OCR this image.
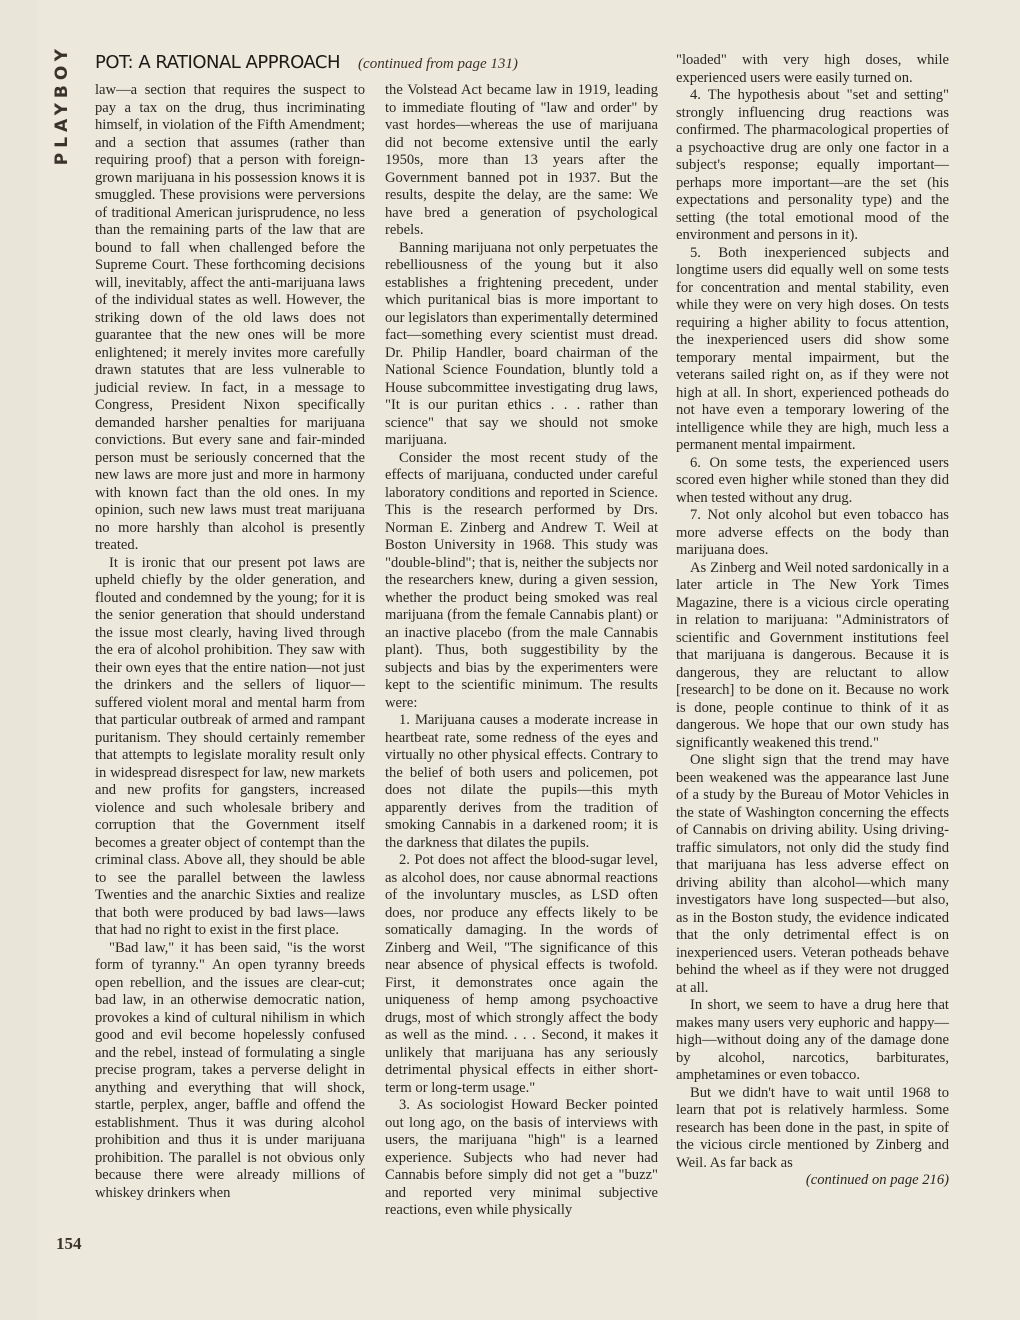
PLAYBOY POT: A RATIONAL APPROACH (continued from page 131)

law—a section that requires the suspect to pay a tax on the drug, thus incriminating himself, in violation of the Fifth Amendment; and a section that assumes (rather than requiring proof) that a person with foreign-grown marijuana in his possession knows it is smuggled. These provisions were perversions of traditional American jurisprudence, no less than the remaining parts of the law that are bound to fall when challenged before the Supreme Court. These forthcoming decisions will, inevitably, affect the anti-marijuana laws of the individual states as well. However, the striking down of the old laws does not guarantee that the new ones will be more enlightened; it merely invites more carefully drawn statutes that are less vulnerable to judicial review. In fact, in a message to Congress, President Nixon specifically demanded harsher penalties for marijuana convictions. But every sane and fair-minded person must be seriously concerned that the new laws are more just and more in harmony with known fact than the old ones. In my opinion, such new laws must treat marijuana no more harshly than alcohol is presently treated.

It is ironic that our present pot laws are upheld chiefly by the older generation, and flouted and condemned by the young; for it is the senior generation that should understand the issue most clearly, having lived through the era of alcohol prohibition. They saw with their own eyes that the entire nation—not just the drinkers and the sellers of liquor—suffered violent moral and mental harm from that particular outbreak of armed and rampant puritanism. They should certainly remember that attempts to legislate morality result only in widespread disrespect for law, new markets and new profits for gangsters, increased violence and such wholesale bribery and corruption that the Government itself becomes a greater object of contempt than the criminal class. Above all, they should be able to see the parallel between the lawless Twenties and the anarchic Sixties and realize that both were produced by bad laws—laws that had no right to exist in the first place.

"Bad law," it has been said, "is the worst form of tyranny." An open tyranny breeds open rebellion, and the issues are clear-cut; bad law, in an otherwise democratic nation, provokes a kind of cultural nihilism in which good and evil become hopelessly confused and the rebel, instead of formulating a single precise program, takes a perverse delight in anything and everything that will shock, startle, perplex, anger, baffle and offend the establishment. Thus it was during alcohol prohibition and thus it is under marijuana prohibition. The parallel is not obvious only because there were already millions of whiskey drinkers when

the Volstead Act became law in 1919, leading to immediate flouting of "law and order" by vast hordes—whereas the use of marijuana did not become extensive until the early 1950s, more than 13 years after the Government banned pot in 1937. But the results, despite the delay, are the same: We have bred a generation of psychological rebels.

Banning marijuana not only perpetuates the rebelliousness of the young but it also establishes a frightening precedent, under which puritanical bias is more important to our legislators than experimentally determined fact—something every scientist must dread. Dr. Philip Handler, board chairman of the National Science Foundation, bluntly told a House subcommittee investigating drug laws, "It is our puritan ethics . . . rather than science" that say we should not smoke marijuana.

Consider the most recent study of the effects of marijuana, conducted under careful laboratory conditions and reported in Science. This is the research performed by Drs. Norman E. Zinberg and Andrew T. Weil at Boston University in 1968. This study was "double-blind"; that is, neither the subjects nor the researchers knew, during a given session, whether the product being smoked was real marijuana (from the female Cannabis plant) or an inactive placebo (from the male Cannabis plant). Thus, both suggestibility by the subjects and bias by the experimenters were kept to the scientific minimum. The results were:

1. Marijuana causes a moderate increase in heartbeat rate, some redness of the eyes and virtually no other physical effects. Contrary to the belief of both users and policemen, pot does not dilate the pupils—this myth apparently derives from the tradition of smoking Cannabis in a darkened room; it is the darkness that dilates the pupils.

2. Pot does not affect the blood-sugar level, as alcohol does, nor cause abnormal reactions of the involuntary muscles, as LSD often does, nor produce any effects likely to be somatically damaging. In the words of Zinberg and Weil, "The significance of this near absence of physical effects is twofold. First, it demonstrates once again the uniqueness of hemp among psychoactive drugs, most of which strongly affect the body as well as the mind. . . . Second, it makes it unlikely that marijuana has any seriously detrimental physical effects in either short-term or long-term usage."

3. As sociologist Howard Becker pointed out long ago, on the basis of interviews with users, the marijuana "high" is a learned experience. Subjects who had never had Cannabis before simply did not get a "buzz" and reported very minimal subjective reactions, even while physically

"loaded" with very high doses, while experienced users were easily turned on.

4. The hypothesis about "set and setting" strongly influencing drug reactions was confirmed. The pharmacological properties of a psychoactive drug are only one factor in a subject's response; equally important—perhaps more important—are the set (his expectations and personality type) and the setting (the total emotional mood of the environment and persons in it).

5. Both inexperienced subjects and longtime users did equally well on some tests for concentration and mental stability, even while they were on very high doses. On tests requiring a higher ability to focus attention, the inexperienced users did show some temporary mental impairment, but the veterans sailed right on, as if they were not high at all. In short, experienced potheads do not have even a temporary lowering of the intelligence while they are high, much less a permanent mental impairment.

6. On some tests, the experienced users scored even higher while stoned than they did when tested without any drug.

7. Not only alcohol but even tobacco has more adverse effects on the body than marijuana does.

As Zinberg and Weil noted sardonically in a later article in The New York Times Magazine, there is a vicious circle operating in relation to marijuana: "Administrators of scientific and Government institutions feel that marijuana is dangerous. Because it is dangerous, they are reluctant to allow [research] to be done on it. Because no work is done, people continue to think of it as dangerous. We hope that our own study has significantly weakened this trend."

One slight sign that the trend may have been weakened was the appearance last June of a study by the Bureau of Motor Vehicles in the state of Washington concerning the effects of Cannabis on driving ability. Using driving-traffic simulators, not only did the study find that marijuana has less adverse effect on driving ability than alcohol—which many investigators have long suspected—but also, as in the Boston study, the evidence indicated that the only detrimental effect is on inexperienced users. Veteran potheads behave behind the wheel as if they were not drugged at all.

In short, we seem to have a drug here that makes many users very euphoric and happy—high—without doing any of the damage done by alcohol, narcotics, barbiturates, amphetamines or even tobacco.

But we didn't have to wait until 1968 to learn that pot is relatively harmless. Some research has been done in the past, in spite of the vicious circle mentioned by Zinberg and Weil. As far back as

(continued on page 216)

154
